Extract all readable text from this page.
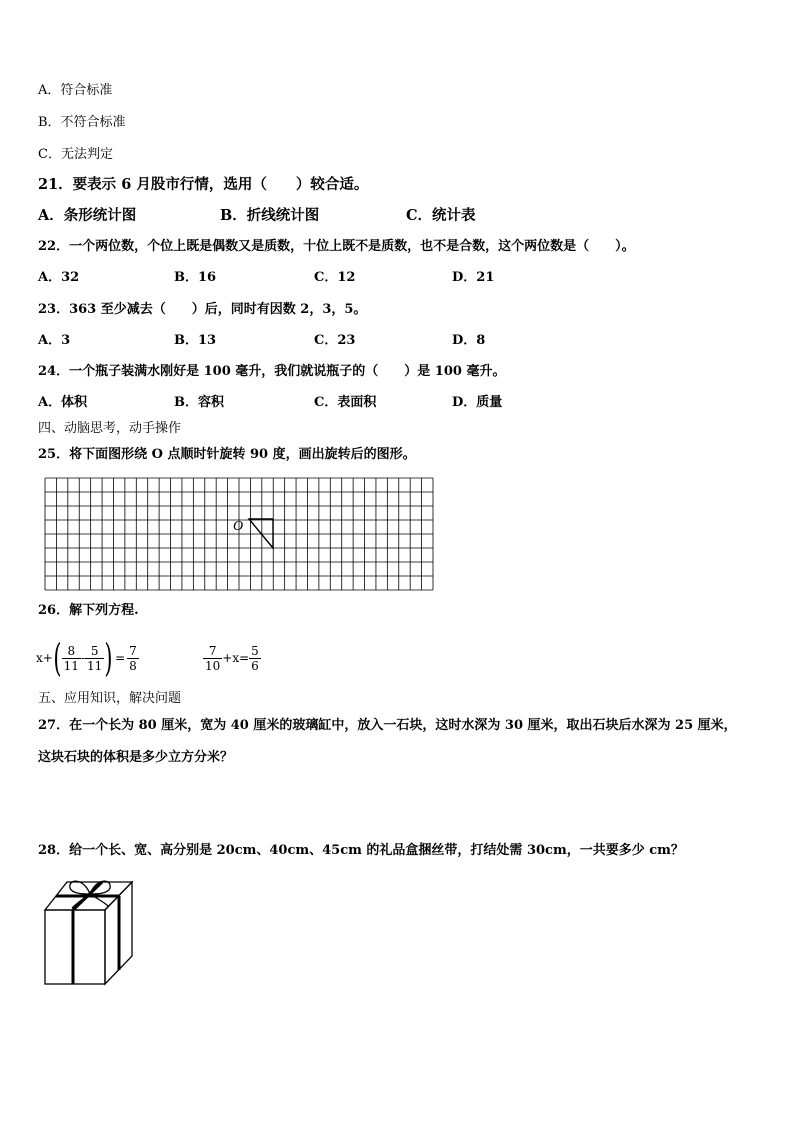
A．符合标准
B．不符合标准
C．无法判定
21．要表示 6 月股市行情，选用（　　）较合适。
A．条形统计图	B．折线统计图	C．统计表
22．一个两位数，个位上既是偶数又是质数，十位上既不是质数，也不是合数，这个两位数是（　　）。
A．32	B．16	C．12	D．21
23．363 至少减去（　　）后，同时有因数 2，3，5。
A．3	B．13	C．23	D．8
24．一个瓶子装满水刚好是 100 毫升，我们就说瓶子的（　　）是 100 毫升。
A．体积	B．容积	C．表面积	D．质量
四、动脑思考，动手操作
25．将下面图形绕 O 点顺时针旋转 90 度，画出旋转后的图形。
O
26．解下列方程.
x+ ( $\frac{8}{11} - \frac{5}{11}$ ) = $\frac{7}{8}$	$\frac{7}{10} +x= \frac{5}{6}$
五、应用知识，解决问题
27．在一个长为 80 厘米，宽为 40 厘米的玻璃缸中，放入一石块，这时水深为 30 厘米，取出石块后水深为 25 厘米，
这块石块的体积是多少立方分米？
28．给一个长、宽、高分别是 20cm、40cm、45cm 的礼品盒捆丝带，打结处需 30cm，一共要多少 cm？
